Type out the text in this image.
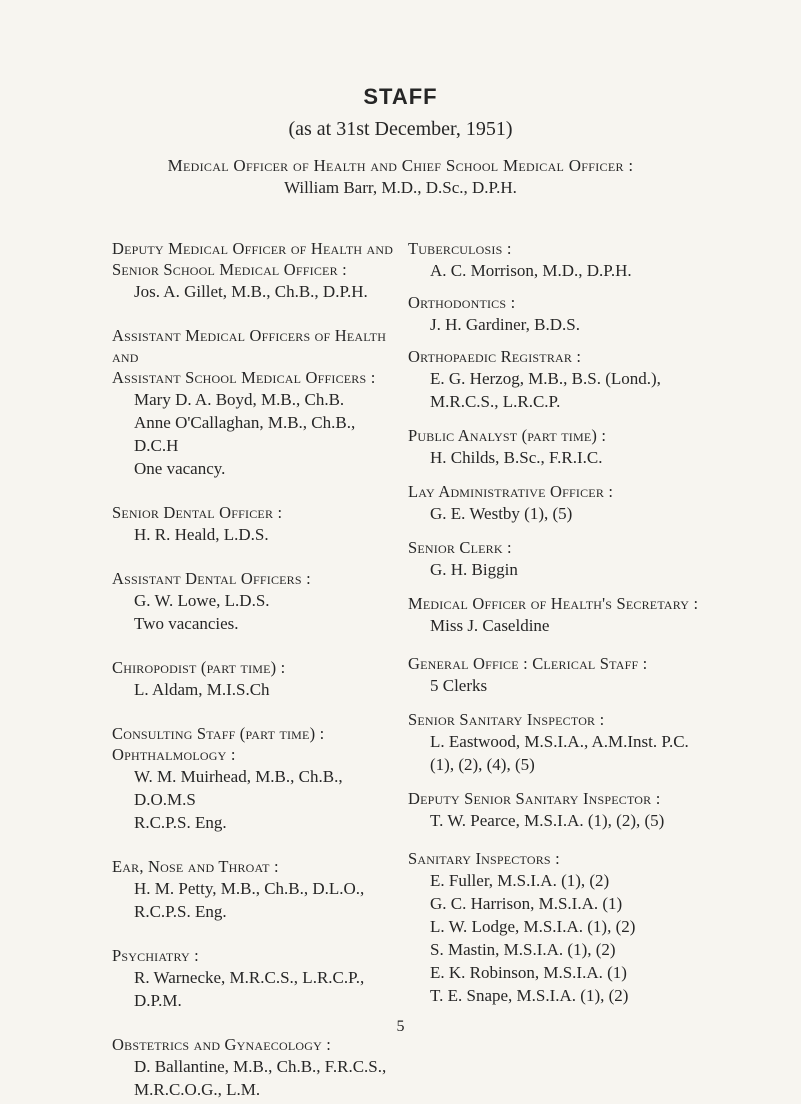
STAFF
(as at 31st December, 1951)
Medical Officer of Health and Chief School Medical Officer :
William Barr, M.D., D.Sc., D.P.H.
Deputy Medical Officer of Health and
Senior School Medical Officer :
Jos. A. Gillet, M.B., Ch.B., D.P.H.
Assistant Medical Officers of Health and
Assistant School Medical Officers :
Mary D. A. Boyd, M.B., Ch.B.
Anne O'Callaghan, M.B., Ch.B., D.C.H
One vacancy.
Senior Dental Officer :
H. R. Heald, L.D.S.
Assistant Dental Officers :
G. W. Lowe, L.D.S.
Two vacancies.
Chiropodist (part time) :
L. Aldam, M.I.S.Ch
Consulting Staff (part time) :
Ophthalmology :
W. M. Muirhead, M.B., Ch.B., D.O.M.S
R.C.P.S. Eng.
Ear, Nose and Throat :
H. M. Petty, M.B., Ch.B., D.L.O.,
R.C.P.S. Eng.
Psychiatry :
R. Warnecke, M.R.C.S., L.R.C.P.,
D.P.M.
Obstetrics and Gynaecology :
D. Ballantine, M.B., Ch.B., F.R.C.S.,
M.R.C.O.G., L.M.
Tuberculosis :
A. C. Morrison, M.D., D.P.H.
Orthodontics :
J. H. Gardiner, B.D.S.
Orthopaedic Registrar :
E. G. Herzog, M.B., B.S. (Lond.),
M.R.C.S., L.R.C.P.
Public Analyst (part time) :
H. Childs, B.Sc., F.R.I.C.
Lay Administrative Officer :
G. E. Westby (1), (5)
Senior Clerk :
G. H. Biggin
Medical Officer of Health's Secretary :
Miss J. Caseldine
General Office : Clerical Staff :
5 Clerks
Senior Sanitary Inspector :
L. Eastwood, M.S.I.A., A.M.Inst. P.C.
(1), (2), (4), (5)
Deputy Senior Sanitary Inspector :
T. W. Pearce, M.S.I.A. (1), (2), (5)
Sanitary Inspectors :
E. Fuller, M.S.I.A. (1), (2)
G. C. Harrison, M.S.I.A. (1)
L. W. Lodge, M.S.I.A. (1), (2)
S. Mastin, M.S.I.A. (1), (2)
E. K. Robinson, M.S.I.A. (1)
T. E. Snape, M.S.I.A. (1), (2)
5
